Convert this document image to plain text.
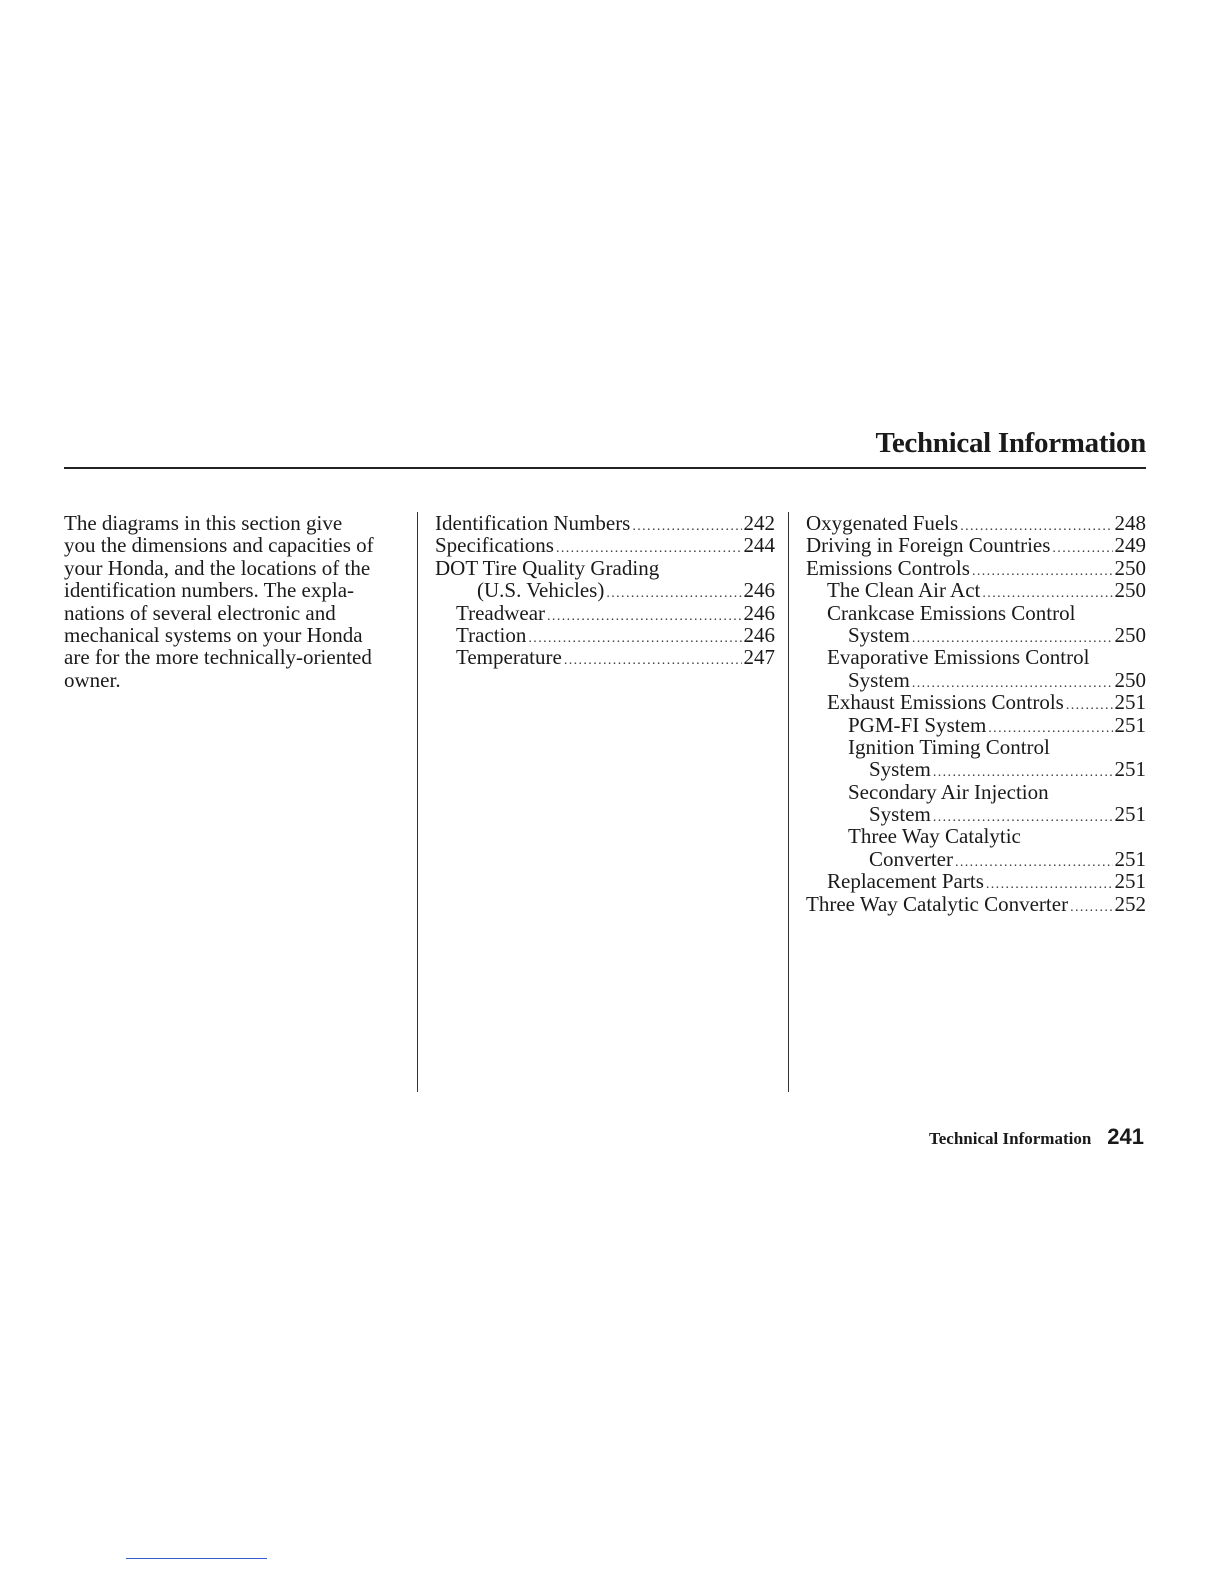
Technical Information

The diagrams in this section give
you the dimensions and capacities of
your Honda, and the locations of the
identification numbers. The expla-
nations of several electronic and
mechanical systems on your Honda
are for the more technically-oriented
owner.

Identification Numbers .....	242
Specifications .....	244
DOT Tire Quality Grading
(U.S. Vehicles) .....	246
Treadwear .....	246
Traction .....	246
Temperature .....	247
Oxygenated Fuels .....	248
Driving in Foreign Countries .....	249
Emissions Controls .....	250
The Clean Air Act .....	250
Crankcase Emissions Control
System .....	250
Evaporative Emissions Control
System .....	250
Exhaust Emissions Controls ..... 251
PGM-FI System .....	251
Ignition Timing Control
System .....	251
Secondary Air Injection
System .....	251
Three Way Catalytic
Converter .....	251
Replacement Parts .....	251
Three Way Catalytic Converter ..... 252
Technical Information 241
